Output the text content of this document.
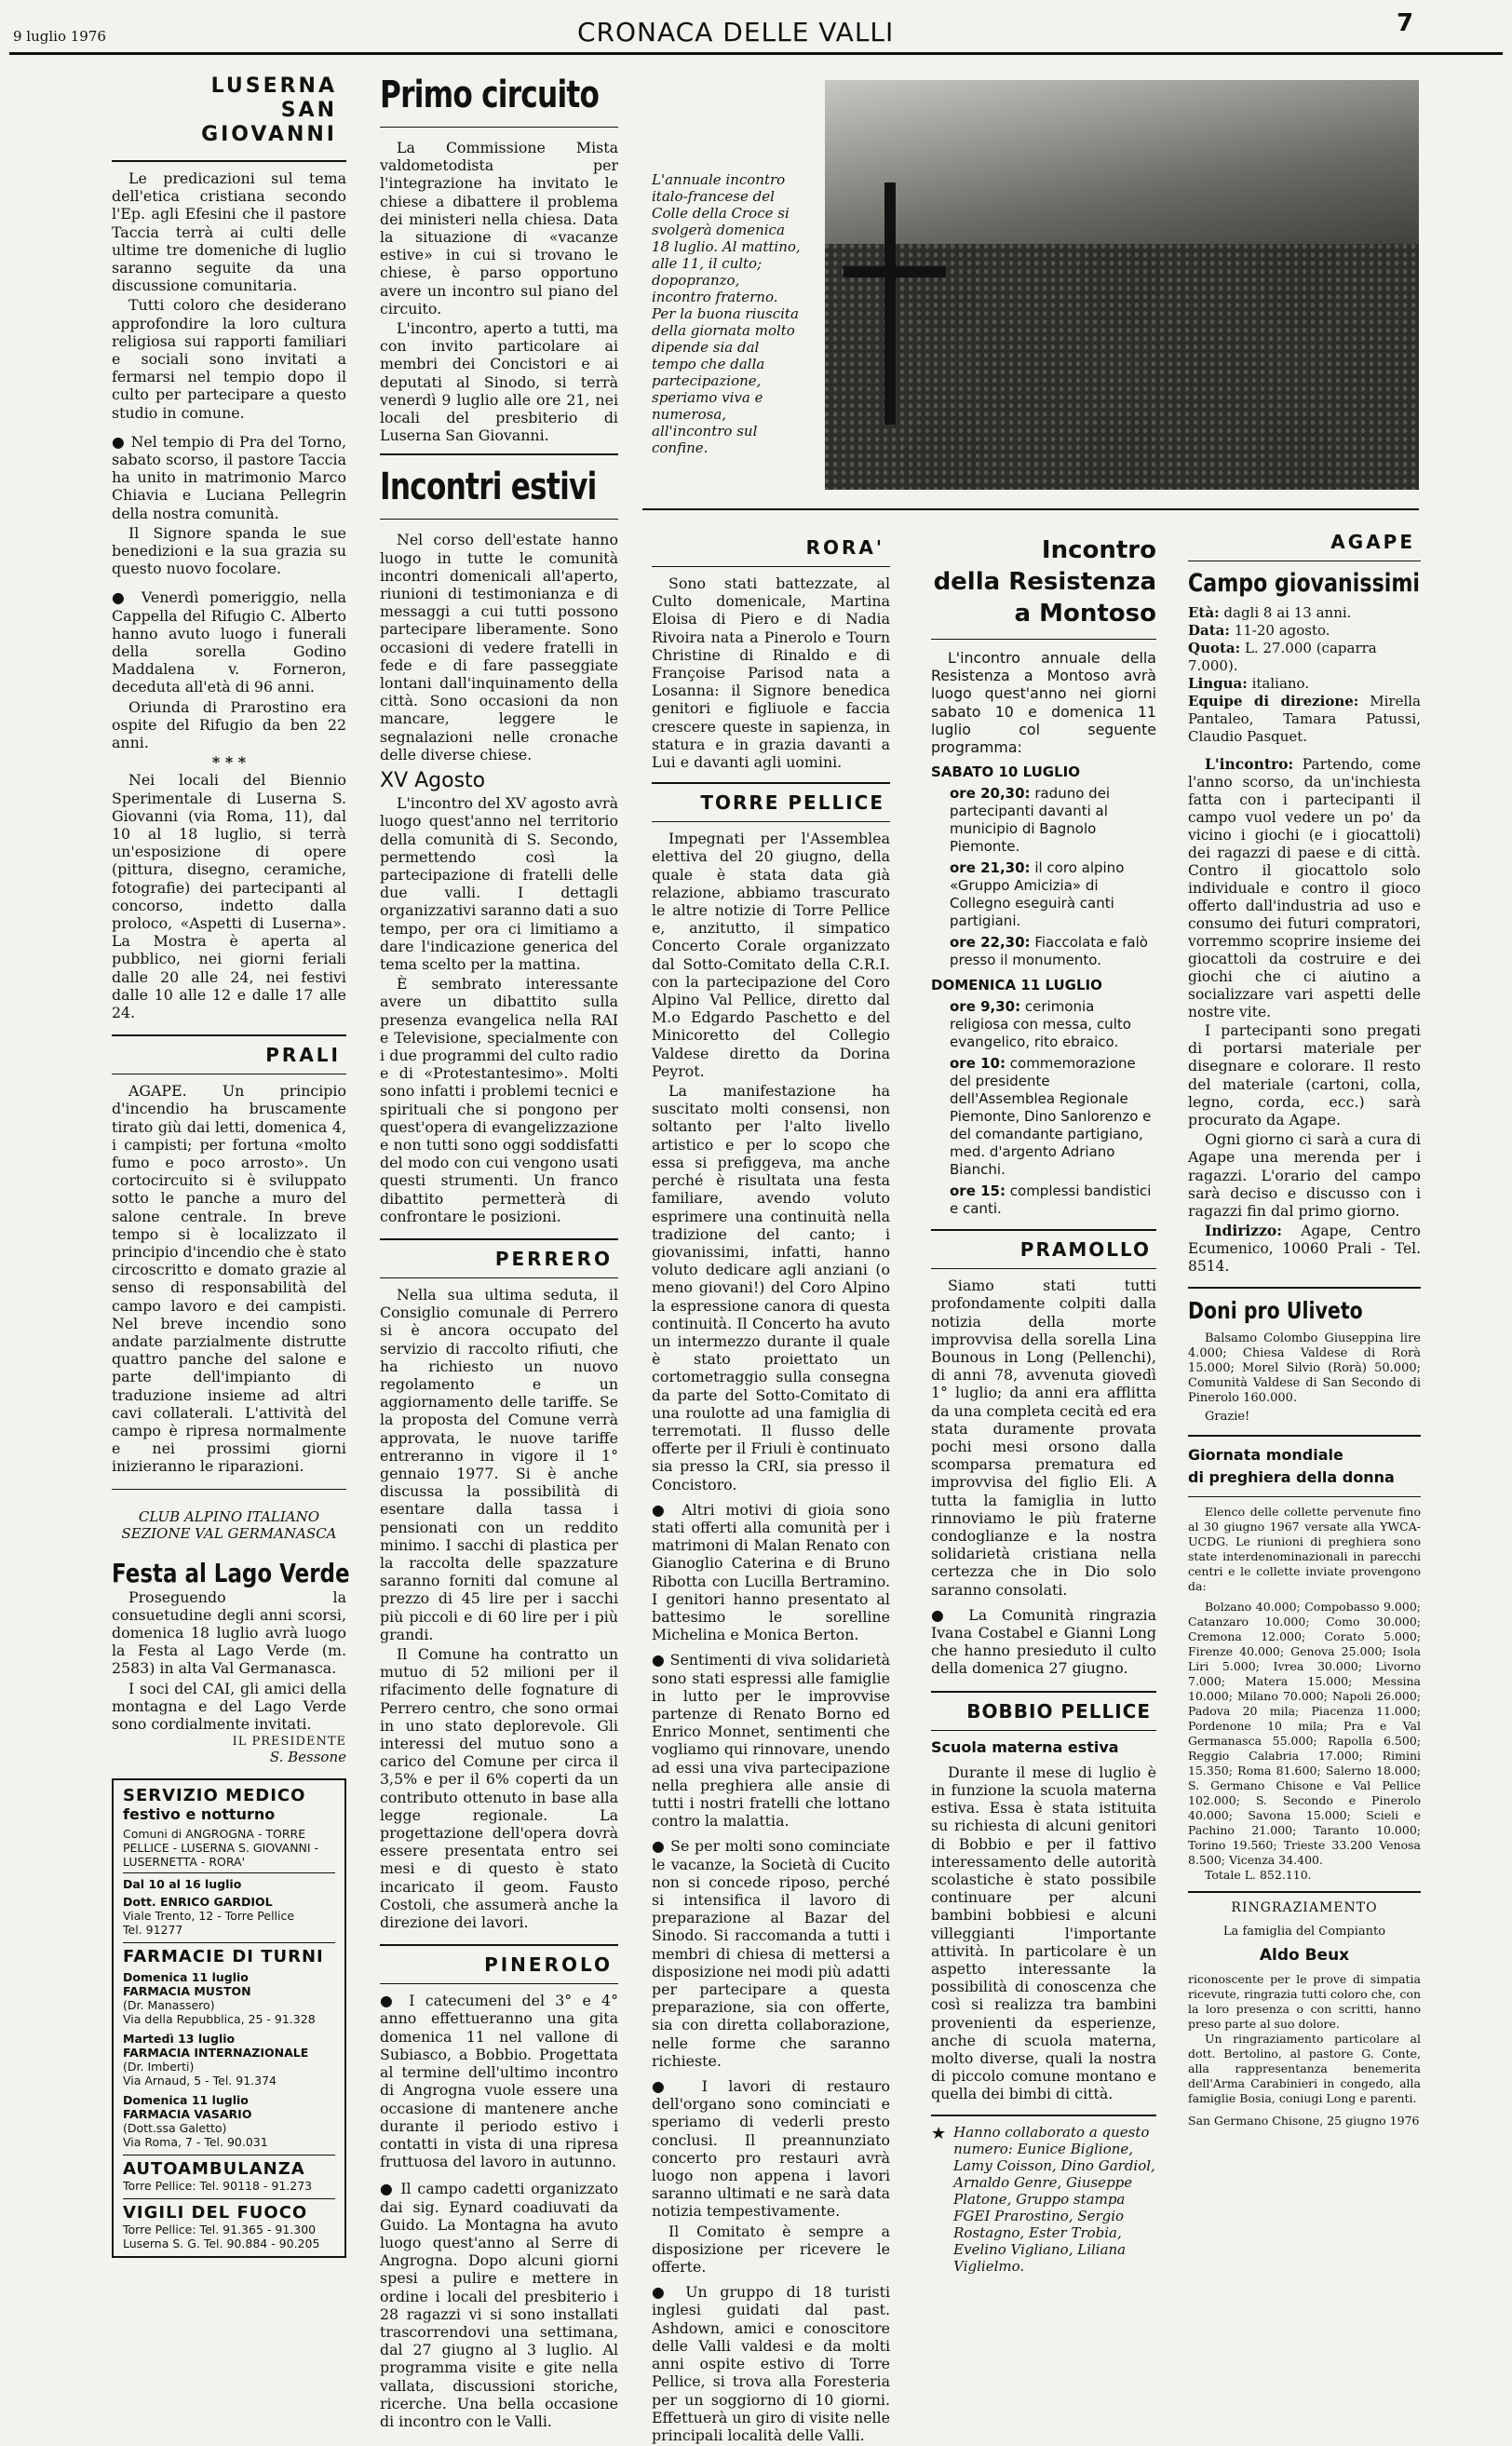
9 luglio 1976	CRONACA DELLE VALLI	7
LUSERNA SAN GIOVANNI

Le predicazioni sul tema dell'etica cristiana secondo l'Ep. agli Efesini che il pastore Taccia terrà ai culti delle ultime tre domeniche di luglio saranno seguite da una discussione comunitaria.

Tutti coloro che desiderano approfondire la loro cultura religiosa sui rapporti familiari e sociali sono invitati a fermarsi nel tempio dopo il culto per partecipare a questo studio in comune.

● Nel tempio di Pra del Torno, sabato scorso, il pastore Taccia ha unito in matrimonio Marco Chiavia e Luciana Pellegrin della nostra comunità.

Il Signore spanda le sue benedizioni e la sua grazia su questo nuovo focolare.

● Venerdì pomeriggio, nella Cappella del Rifugio C. Alberto hanno avuto luogo i funerali della sorella Godino Maddalena v. Forneron, deceduta all'età di 96 anni.

Oriunda di Prarostino era ospite del Rifugio da ben 22 anni.

* * *

Nei locali del Biennio Sperimentale di Luserna S. Giovanni (via Roma, 11), dal 10 al 18 luglio, si terrà un'esposizione di opere (pittura, disegno, ceramiche, fotografie) dei partecipanti al concorso, indetto dalla proloco, «Aspetti di Luserna». La Mostra è aperta al pubblico, nei giorni feriali dalle 20 alle 24, nei festivi dalle 10 alle 12 e dalle 17 alle 24.

PRALI

AGAPE. Un principio d'incendio ha bruscamente tirato giù dai letti, domenica 4, i campisti; per fortuna «molto fumo e poco arrosto». Un cortocircuito si è sviluppato sotto le panche a muro del salone centrale. In breve tempo si è localizzato il principio d'incendio che è stato circoscritto e domato grazie al senso di responsabilità del campo lavoro e dei campisti. Nel breve incendio sono andate parzialmente distrutte quattro panche del salone e parte dell'impianto di traduzione insieme ad altri cavi collaterali. L'attività del campo è ripresa normalmente e nei prossimi giorni inizieranno le riparazioni.

CLUB ALPINO ITALIANO
SEZIONE VAL GERMANASCA
Festa al Lago Verde

Proseguendo la consuetudine degli anni scorsi, domenica 18 luglio avrà luogo la Festa al Lago Verde (m. 2583) in alta Val Germanasca.

I soci del CAI, gli amici della montagna e del Lago Verde sono cordialmente invitati.

IL PRESIDENTE
S. Bessone
SERVIZIO MEDICO
festivo e notturno
Comuni di ANGROGNA - TORRE PELLICE - LUSERNA S. GIOVANNI - LUSERNETTA - RORA'
Dal 10 al 16 luglio
Dott. ENRICO GARDIOL
Viale Trento, 12 - Torre Pellice
Tel. 91277
FARMACIE DI TURNI
Domenica 11 luglio
FARMACIA MUSTON
(Dr. Manassero)
Via della Repubblica, 25 - 91.328
Martedì 13 luglio
FARMACIA INTERNAZIONALE
(Dr. Imberti)
Via Arnaud, 5 - Tel. 91.374
Domenica 11 luglio
FARMACIA VASARIO
(Dott.ssa Galetto)
Via Roma, 7 - Tel. 90.031
AUTOAMBULANZA
Torre Pellice: Tel. 90118 - 91.273
VIGILI DEL FUOCO
Torre Pellice: Tel. 91.365 - 91.300
Luserna S. G. Tel. 90.884 - 90.205
Primo circuito

La Commissione Mista valdometodista per l'integrazione ha invitato le chiese a dibattere il problema dei ministeri nella chiesa. Data la situazione di «vacanze estive» in cui si trovano le chiese, è parso opportuno avere un incontro sul piano del circuito.

L'incontro, aperto a tutti, ma con invito particolare ai membri dei Concistori e ai deputati al Sinodo, si terrà venerdì 9 luglio alle ore 21, nei locali del presbiterio di Luserna San Giovanni.

Incontri estivi

Nel corso dell'estate hanno luogo in tutte le comunità incontri domenicali all'aperto, riunioni di testimonianza e di messaggi a cui tutti possono partecipare liberamente. Sono occasioni di vedere fratelli in fede e di fare passeggiate lontani dall'inquinamento della città. Sono occasioni da non mancare, leggere le segnalazioni nelle cronache delle diverse chiese.

XV Agosto

L'incontro del XV agosto avrà luogo quest'anno nel territorio della comunità di S. Secondo, permettendo così la partecipazione di fratelli delle due valli. I dettagli organizzativi saranno dati a suo tempo, per ora ci limitiamo a dare l'indicazione generica del tema scelto per la mattina.

È sembrato interessante avere un dibattito sulla presenza evangelica nella RAI e Televisione, specialmente con i due programmi del culto radio e di «Protestantesimo». Molti sono infatti i problemi tecnici e spirituali che si pongono per quest'opera di evangelizzazione e non tutti sono oggi soddisfatti del modo con cui vengono usati questi strumenti. Un franco dibattito permetterà di confrontare le posizioni.

PERRERO

Nella sua ultima seduta, il Consiglio comunale di Perrero si è ancora occupato del servizio di raccolto rifiuti, che ha richiesto un nuovo regolamento e un aggiornamento delle tariffe. Se la proposta del Comune verrà approvata, le nuove tariffe entreranno in vigore il 1° gennaio 1977. Si è anche discussa la possibilità di esentare dalla tassa i pensionati con un reddito minimo. I sacchi di plastica per la raccolta delle spazzature saranno forniti dal comune al prezzo di 45 lire per i sacchi più piccoli e di 60 lire per i più grandi.

Il Comune ha contratto un mutuo di 52 milioni per il rifacimento delle fognature di Perrero centro, che sono ormai in uno stato deplorevole. Gli interessi del mutuo sono a carico del Comune per circa il 3,5% e per il 6% coperti da un contributo ottenuto in base alla legge regionale. La progettazione dell'opera dovrà essere presentata entro sei mesi e di questo è stato incaricato il geom. Fausto Costoli, che assumerà anche la direzione dei lavori.

PINEROLO
● I catecumeni del 3° e 4° anno effettueranno una gita domenica 11 nel vallone di Subiasco, a Bobbio. Progettata al termine dell'ultimo incontro di Angrogna vuole essere una occasione di mantenere anche durante il periodo estivo i contatti in vista di una ripresa fruttuosa del lavoro in autunno.
● Il campo cadetti organizzato dai sig. Eynard coadiuvati da Guido. La Montagna ha avuto luogo quest'anno al Serre di Angrogna. Dopo alcuni giorni spesi a pulire e mettere in ordine i locali del presbiterio i 28 ragazzi vi si sono installati trascorrendovi una settimana, dal 27 giugno al 3 luglio. Al programma visite e gite nella vallata, discussioni storiche, ricerche. Una bella occasione di incontro con le Valli.
L'annuale incontro italo-francese del Colle della Croce si svolgerà domenica 18 luglio. Al mattino, alle 11, il culto; dopopranzo, incontro fraterno. Per la buona riuscita della giornata molto dipende sia dal tempo che dalla partecipazione, speriamo viva e numerosa, all'incontro sul confine.
RORA'

Sono stati battezzate, al Culto domenicale, Martina Eloisa di Piero e di Nadia Rivoira nata a Pinerolo e Tourn Christine di Rinaldo e di Françoise Parisod nata a Losanna: il Signore benedica genitori e figliuole e faccia crescere queste in sapienza, in statura e in grazia davanti a Lui e davanti agli uomini.

TORRE PELLICE

Impegnati per l'Assemblea elettiva del 20 giugno, della quale è stata data già relazione, abbiamo trascurato le altre notizie di Torre Pellice e, anzitutto, il simpatico Concerto Corale organizzato dal Sotto-Comitato della C.R.I. con la partecipazione del Coro Alpino Val Pellice, diretto dal M.o Edgardo Paschetto e del Minicoretto del Collegio Valdese diretto da Dorina Peyrot.

La manifestazione ha suscitato molti consensi, non soltanto per l'alto livello artistico e per lo scopo che essa si prefiggeva, ma anche perché è risultata una festa familiare, avendo voluto esprimere una continuità nella tradizione del canto; i giovanissimi, infatti, hanno voluto dedicare agli anziani (o meno giovani!) del Coro Alpino la espressione canora di questa continuità. Il Concerto ha avuto un intermezzo durante il quale è stato proiettato un cortometraggio sulla consegna da parte del Sotto-Comitato di una roulotte ad una famiglia di terremotati. Il flusso delle offerte per il Friuli è continuato sia presso la CRI, sia presso il Concistoro.

● Altri motivi di gioia sono stati offerti alla comunità per i matrimoni di Malan Renato con Gianoglio Caterina e di Bruno Ribotta con Lucilla Bertramino. I genitori hanno presentato al battesimo le sorelline Michelina e Monica Berton.
● Sentimenti di viva solidarietà sono stati espressi alle famiglie in lutto per le improvvise partenze di Renato Borno ed Enrico Monnet, sentimenti che vogliamo qui rinnovare, unendo ad essi una viva partecipazione nella preghiera alle ansie di tutti i nostri fratelli che lottano contro la malattia.
● Se per molti sono cominciate le vacanze, la Società di Cucito non si concede riposo, perché si intensifica il lavoro di preparazione al Bazar del Sinodo. Si raccomanda a tutti i membri di chiesa di mettersi a disposizione nei modi più adatti per partecipare a questa preparazione, sia con offerte, sia con diretta collaborazione, nelle forme che saranno richieste.
● I lavori di restauro dell'organo sono cominciati e speriamo di vederli presto conclusi. Il preannunziato concerto pro restauri avrà luogo non appena i lavori saranno ultimati e ne sarà data notizia tempestivamente.

Il Comitato è sempre a disposizione per ricevere le offerte.

● Un gruppo di 18 turisti inglesi guidati dal past. Ashdown, amici e conoscitore delle Valli valdesi e da molti anni ospite estivo di Torre Pellice, si trova alla Foresteria per un soggiorno di 10 giorni. Effettuerà un giro di visite nelle principali località delle Valli.
Incontro
della Resistenza
a Montoso

L'incontro annuale della Resistenza a Montoso avrà luogo quest'anno nei giorni sabato 10 e domenica 11 luglio col seguente programma:

SABATO 10 LUGLIO
ore 20,30: raduno dei partecipanti davanti al municipio di Bagnolo Piemonte.
ore 21,30: il coro alpino «Gruppo Amicizia» di Collegno eseguirà canti partigiani.
ore 22,30: Fiaccolata e falò presso il monumento.
DOMENICA 11 LUGLIO
ore 9,30: cerimonia religiosa con messa, culto evangelico, rito ebraico.
ore 10: commemorazione del presidente dell'Assemblea Regionale Piemonte, Dino Sanlorenzo e del comandante partigiano, med. d'argento Adriano Bianchi.
ore 15: complessi bandistici e canti.
PRAMOLLO

Siamo stati tutti profondamente colpiti dalla notizia della morte improvvisa della sorella Lina Bounous in Long (Pellenchi), di anni 78, avvenuta giovedì 1° luglio; da anni era afflitta da una completa cecità ed era stata duramente provata pochi mesi orsono dalla scomparsa prematura ed improvvisa del figlio Eli. A tutta la famiglia in lutto rinnoviamo le più fraterne condoglianze e la nostra solidarietà cristiana nella certezza che in Dio solo saranno consolati.

● La Comunità ringrazia Ivana Costabel e Gianni Long che hanno presieduto il culto della domenica 27 giugno.
BOBBIO PELLICE
Scuola materna estiva

Durante il mese di luglio è in funzione la scuola materna estiva. Essa è stata istituita su richiesta di alcuni genitori di Bobbio e per il fattivo interessamento delle autorità scolastiche è stato possibile continuare per alcuni bambini bobbiesi e alcuni villeggianti l'importante attività. In particolare è un aspetto interessante la possibilità di conoscenza che così si realizza tra bambini provenienti da esperienze, anche di scuola materna, molto diverse, quali la nostra di piccolo comune montano e quella dei bimbi di città.

★ Hanno collaborato a questo numero: Eunice Biglione, Lamy Coisson, Dino Gardiol, Arnaldo Genre, Giuseppe Platone, Gruppo stampa FGEI Prarostino, Sergio Rostagno, Ester Trobia, Evelino Vigliano, Liliana Viglielmo.
AGAPE
Campo giovanissimi
Età: dagli 8 ai 13 anni.
Data: 11-20 agosto.
Quota: L. 27.000 (caparra 7.000).
Lingua: italiano.
Equipe di direzione: Mirella Pantaleo, Tamara Patussi, Claudio Pasquet.
L'incontro: Partendo, come l'anno scorso, da un'inchiesta fatta con i partecipanti il campo vuol vedere un po' da vicino i giochi (e i giocattoli) dei ragazzi di paese e di città. Contro il giocattolo solo individuale e contro il gioco offerto dall'industria ad uso e consumo dei futuri compratori, vorremmo scoprire insieme dei giocattoli da costruire e dei giochi che ci aiutino a socializzare vari aspetti delle nostre vite.

I partecipanti sono pregati di portarsi materiale per disegnare e colorare. Il resto del materiale (cartoni, colla, legno, corda, ecc.) sarà procurato da Agape.

Ogni giorno ci sarà a cura di Agape una merenda per i ragazzi. L'orario del campo sarà deciso e discusso con i ragazzi fin dal primo giorno.

Indirizzo: Agape, Centro Ecumenico, 10060 Prali - Tel. 8514.
Doni pro Uliveto
Balsamo Colombo Giuseppina lire 4.000; Chiesa Valdese di Rorà 15.000; Morel Silvio (Rorà) 50.000; Comunità Valdese di San Secondo di Pinerolo 160.000.
Grazie!
Giornata mondiale
di preghiera della donna
Elenco delle collette pervenute fino al 30 giugno 1967 versate alla YWCA-UCDG. Le riunioni di preghiera sono state interdenominazionali in parecchi centri e le collette inviate provengono da:
Bolzano 40.000; Compobasso 9.000; Catanzaro 10.000; Como 30.000; Cremona 12.000; Corato 5.000; Firenze 40.000; Genova 25.000; Isola Liri 5.000; Ivrea 30.000; Livorno 7.000; Matera 15.000; Messina 10.000; Milano 70.000; Napoli 26.000; Padova 20 mila; Piacenza 11.000; Pordenone 10 mila; Pra e Val Germanasca 55.000; Rapolla 6.500; Reggio Calabria 17.000; Rimini 15.350; Roma 81.600; Salerno 18.000; S. Germano Chisone e Val Pellice 102.000; S. Secondo e Pinerolo 40.000; Savona 15.000; Scieli e Pachino 21.000; Taranto 10.000; Torino 19.560; Trieste 33.200 Venosa 8.500; Vicenza 34.400.
Totale L. 852.110.
RINGRAZIAMENTO
La famiglia del Compianto
Aldo Beux
riconoscente per le prove di simpatia ricevute, ringrazia tutti coloro che, con la loro presenza o con scritti, hanno preso parte al suo dolore.
Un ringraziamento particolare al dott. Bertolino, al pastore G. Conte, alla rappresentanza benemerita dell'Arma Carabinieri in congedo, alla famiglie Bosia, coniugi Long e parenti.
San Germano Chisone, 25 giugno 1976
